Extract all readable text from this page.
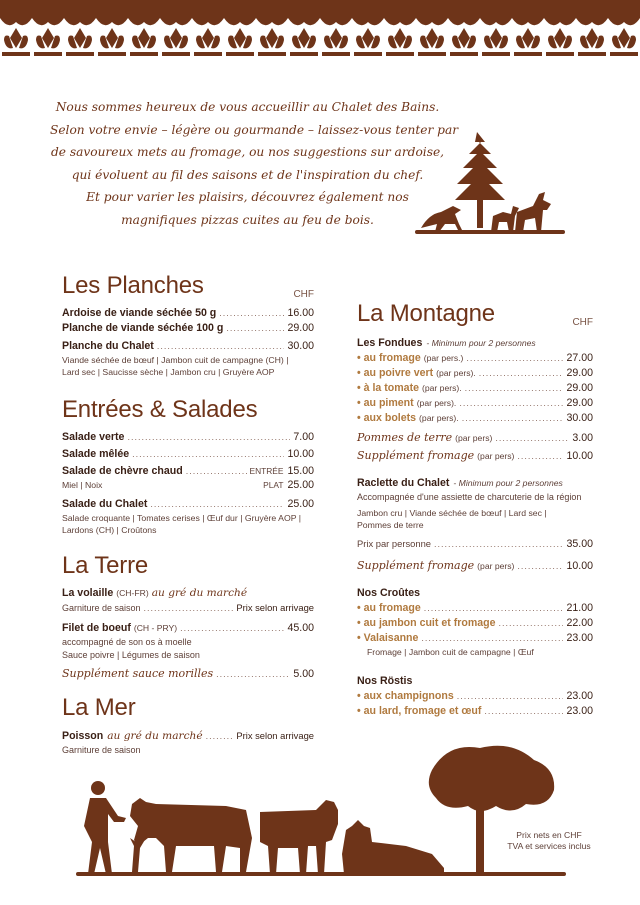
Nous sommes heureux de vous accueillir au Chalet des Bains.
Selon votre envie – légère ou gourmande – laissez-vous tenter par
de savoureux mets au fromage, ou nos suggestions sur ardoise,
qui évoluent au fil des saisons et de l'inspiration du chef.
Et pour varier les plaisirs, découvrez également nos
magnifiques pizzas cuites au feu de bois.
Les Planches	CHF
Ardoise de viande séchée 50 g .....	16.00
Planche de viande séchée 100 g .....	29.00
Planche du Chalet .....	30.00
Viande séchée de bœuf | Jambon cuit de campagne (CH) |
Lard sec | Saucisse sèche | Jambon cru | Gruyère AOP
Entrées & Salades
Salade verte .....	7.00
Salade mêlée .....	10.00
Salade de chèvre chaud .....	ENTRÉE 15.00
Miel | Noix	PLAT 25.00
Salade du Chalet .....	25.00
Salade croquante | Tomates cerises | Œuf dur | Gruyère AOP |
Lardons (CH) | Croûtons
La Terre
La volaille (CH-FR) au gré du marché
Garniture de saison .....	Prix selon arrivage
Filet de boeuf (CH - PRY) .....	45.00
accompagné de son os à moelle
Sauce poivre | Légumes de saison
Supplément sauce morilles .....	5.00
La Mer
Poisson au gré du marché .....	Prix selon arrivage
Garniture de saison
La Montagne	CHF
Les Fondues - Minimum pour 2 personnes
• au fromage (par pers.) .....	27.00
• au poivre vert (par pers). .....	29.00
• à la tomate (par pers). .....	29.00
• au piment (par pers). .....	29.00
• aux bolets (par pers). .....	30.00
Pommes de terre (par pers) .....	3.00
Supplément fromage (par pers) .....	10.00
Raclette du Chalet - Minimum pour 2 personnes
Accompagnée d'une assiette de charcuterie de la région
Jambon cru | Viande séchée de bœuf | Lard sec |
Pommes de terre
Prix par personne .....	35.00
Supplément fromage (par pers) .....	10.00
Nos Croûtes
• au fromage .....	21.00
• au jambon cuit et fromage .....	22.00
• Valaisanne .....	23.00
Fromage | Jambon cuit de campagne | Œuf
Nos Röstis
• aux champignons .....	23.00
• au lard, fromage et œuf .....	23.00
Prix nets en CHF
TVA et services inclus
